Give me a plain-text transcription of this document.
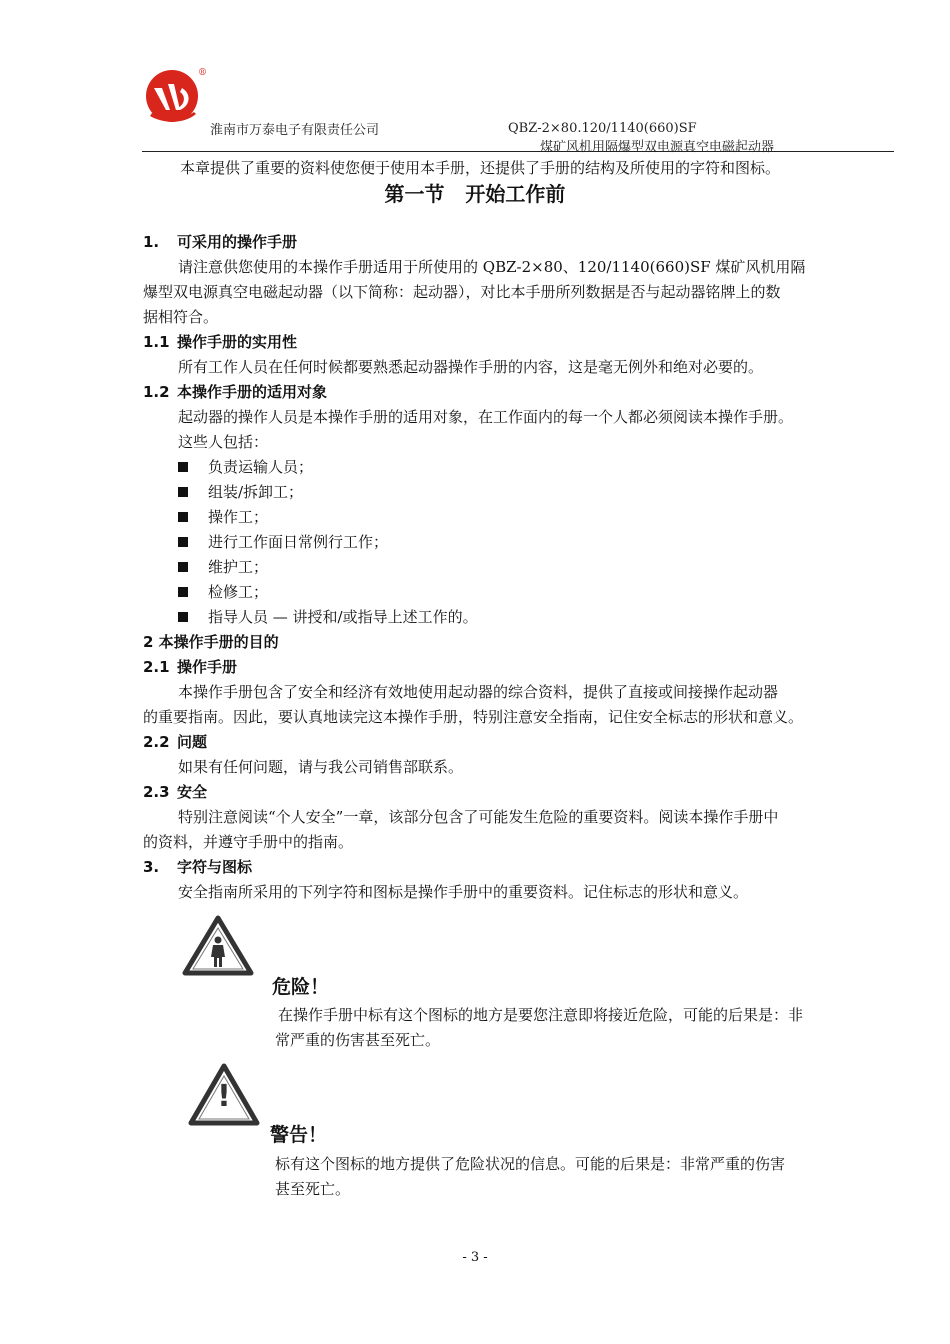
®
淮南市万泰电子有限责任公司	QBZ-2×80.120/1140(660)SF
煤矿风机用隔爆型双电源真空电磁起动器
本章提供了重要的资料使您便于使用本手册，还提供了手册的结构及所使用的字符和图标。
第一节   开始工作前
1. 可采用的操作手册
请注意供您使用的本操作手册适用于所使用的 QBZ-2×80、120/1140(660)SF 煤矿风机用隔
爆型双电源真空电磁起动器（以下简称：起动器），对比本手册所列数据是否与起动器铭牌上的数
据相符合。
1.1 操作手册的实用性
所有工作人员在任何时候都要熟悉起动器操作手册的内容，这是毫无例外和绝对必要的。
1.2 本操作手册的适用对象
起动器的操作人员是本操作手册的适用对象，在工作面内的每一个人都必须阅读本操作手册。
这些人包括：
负责运输人员；
组装/拆卸工；
操作工；
进行工作面日常例行工作；
维护工；
检修工；
指导人员 — 讲授和/或指导上述工作的。
2 本操作手册的目的
2.1 操作手册
本操作手册包含了安全和经济有效地使用起动器的综合资料，提供了直接或间接操作起动器
的重要指南。因此，要认真地读完这本操作手册，特别注意安全指南，记住安全标志的形状和意义。
2.2 问题
如果有任何问题，请与我公司销售部联系。
2.3 安全
特别注意阅读“个人安全”一章，该部分包含了可能发生危险的重要资料。阅读本操作手册中
的资料，并遵守手册中的指南。
3. 字符与图标
安全指南所采用的下列字符和图标是操作手册中的重要资料。记住标志的形状和意义。
危险！
在操作手册中标有这个图标的地方是要您注意即将接近危险，可能的后果是：非
常严重的伤害甚至死亡。
!
警告！
标有这个图标的地方提供了危险状况的信息。可能的后果是：非常严重的伤害
甚至死亡。
- 3 -
